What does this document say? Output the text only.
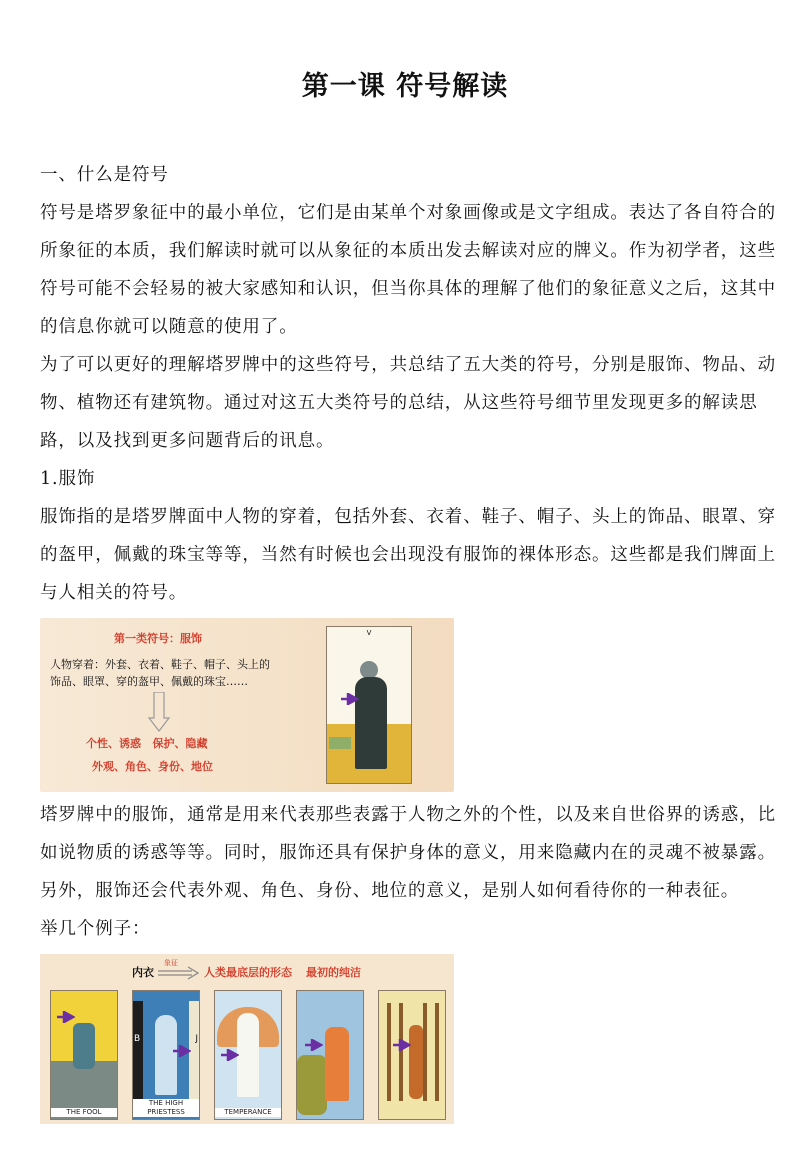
第一课 符号解读

一、什么是符号

符号是塔罗象征中的最小单位，它们是由某单个对象画像或是文字组成。表达了各自符合的所象征的本质，我们解读时就可以从象征的本质出发去解读对应的牌义。作为初学者，这些符号可能不会轻易的被大家感知和认识，但当你具体的理解了他们的象征意义之后，这其中的信息你就可以随意的使用了。

为了可以更好的理解塔罗牌中的这些符号，共总结了五大类的符号，分别是服饰、物品、动物、植物还有建筑物。通过对这五大类符号的总结，从这些符号细节里发现更多的解读思路，以及找到更多问题背后的讯息。

1.服饰

服饰指的是塔罗牌面中人物的穿着，包括外套、衣着、鞋子、帽子、头上的饰品、眼罩、穿的盔甲，佩戴的珠宝等等，当然有时候也会出现没有服饰的裸体形态。这些都是我们牌面上与人相关的符号。

第一类符号：服饰
人物穿着：外套、衣着、鞋子、帽子、头上的
饰品、眼罩、穿的盔甲、佩戴的珠宝……
个性、诱惑   保护、隐藏
外观、角色、身份、地位
V

塔罗牌中的服饰，通常是用来代表那些表露于人物之外的个性，以及来自世俗界的诱惑，比如说物质的诱惑等等。同时，服饰还具有保护身体的意义，用来隐藏内在的灵魂不被暴露。另外，服饰还会代表外观、角色、身份、地位的意义，是别人如何看待你的一种表征。

举几个例子：

内衣
象征
人类最底层的形态 最初的纯洁
THE FOOL
B	J
THE HIGH PRIESTESS	TEMPERANCE
